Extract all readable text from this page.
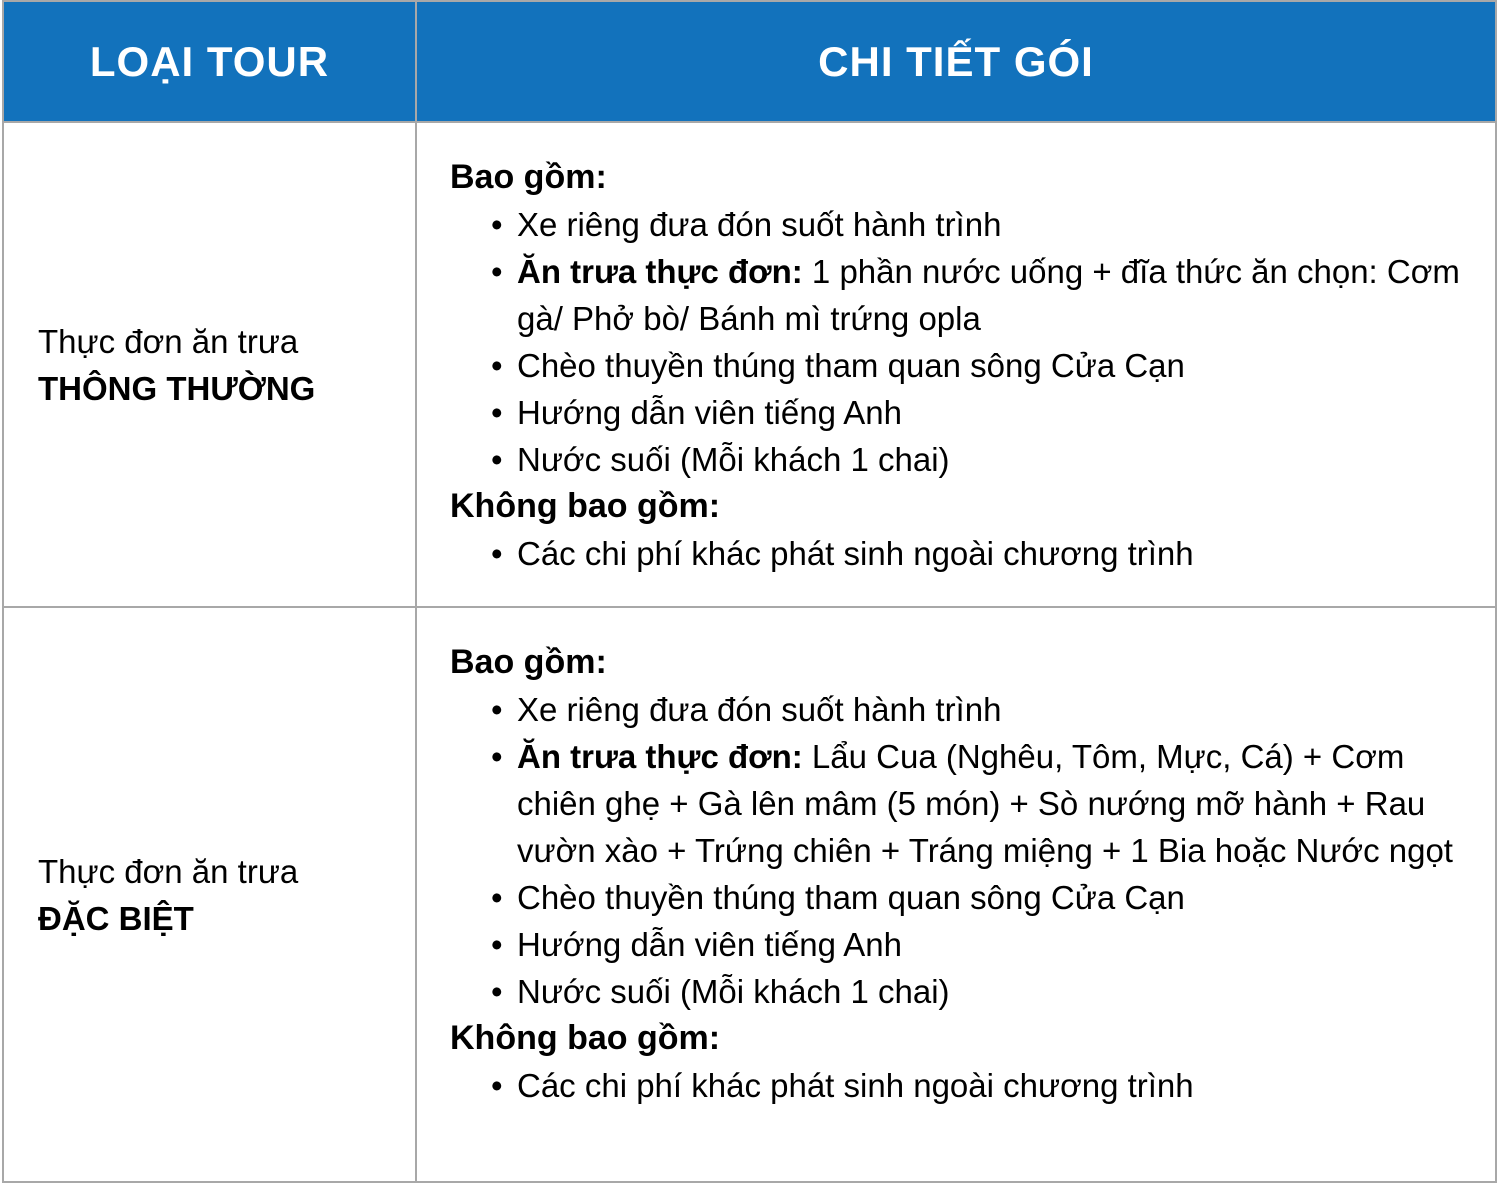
LOẠI TOUR	CHI TIẾT GÓI
Thực đơn ăn trưa
THÔNG THƯỜNG
Bao gồm:
• Xe riêng đưa đón suốt hành trình
• Ăn trưa thực đơn: 1 phần nước uống + đĩa thức ăn chọn: Cơm gà/ Phở bò/ Bánh mì trứng opla
• Chèo thuyền thúng tham quan sông Cửa Cạn
• Hướng dẫn viên tiếng Anh
• Nước suối (Mỗi khách 1 chai)
Không bao gồm:
• Các chi phí khác phát sinh ngoài chương trình
Thực đơn ăn trưa
ĐẶC BIỆT
Bao gồm:
• Xe riêng đưa đón suốt hành trình
• Ăn trưa thực đơn: Lẩu Cua (Nghêu, Tôm, Mực, Cá) + Cơm chiên ghẹ + Gà lên mâm (5 món) + Sò nướng mỡ hành + Rau vườn xào + Trứng chiên + Tráng miệng + 1 Bia hoặc Nước ngọt
• Chèo thuyền thúng tham quan sông Cửa Cạn
• Hướng dẫn viên tiếng Anh
• Nước suối (Mỗi khách 1 chai)
Không bao gồm:
• Các chi phí khác phát sinh ngoài chương trình
